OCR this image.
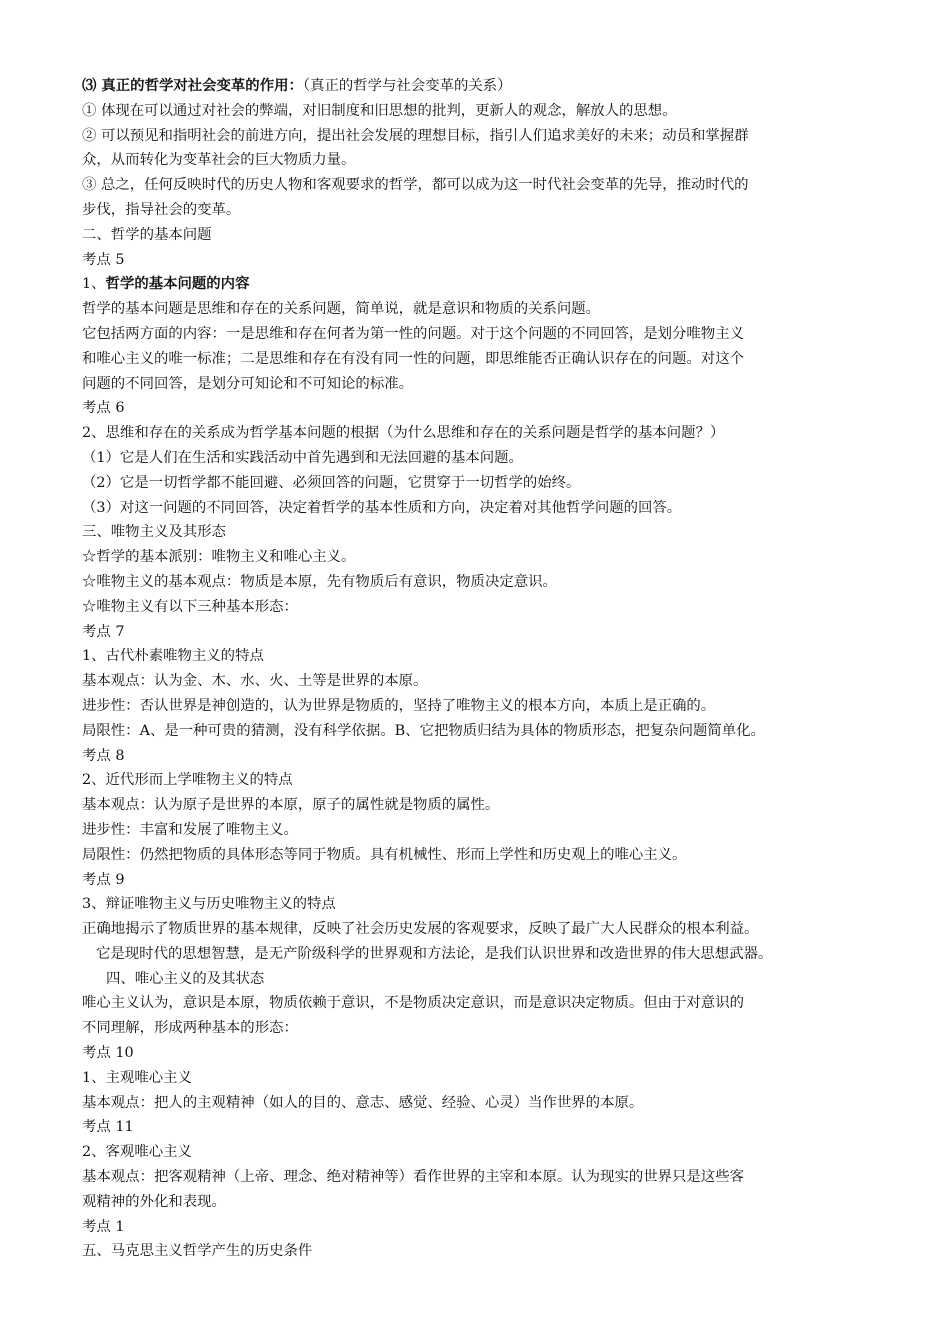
⑶ 真正的哲学对社会变革的作用：（真正的哲学与社会变革的关系）
① 体现在可以通过对社会的弊端，对旧制度和旧思想的批判，更新人的观念，解放人的思想。
② 可以预见和指明社会的前进方向，提出社会发展的理想目标，指引人们追求美好的未来；动员和掌握群
众，从而转化为变革社会的巨大物质力量。
③ 总之，任何反映时代的历史人物和客观要求的哲学，都可以成为这一时代社会变革的先导，推动时代的
步伐，指导社会的变革。
二、哲学的基本问题
考点 5
1、哲学的基本问题的内容
哲学的基本问题是思维和存在的关系问题，简单说，就是意识和物质的关系问题。
它包括两方面的内容：一是思维和存在何者为第一性的问题。对于这个问题的不同回答，是划分唯物主义
和唯心主义的唯一标准；二是思维和存在有没有同一性的问题，即思维能否正确认识存在的问题。对这个
问题的不同回答，是划分可知论和不可知论的标准。
考点 6
2、思维和存在的关系成为哲学基本问题的根据（为什么思维和存在的关系问题是哲学的基本问题？）
（1）它是人们在生活和实践活动中首先遇到和无法回避的基本问题。
（2）它是一切哲学都不能回避、必须回答的问题，它贯穿于一切哲学的始终。
（3）对这一问题的不同回答，决定着哲学的基本性质和方向，决定着对其他哲学问题的回答。
三、唯物主义及其形态
☆哲学的基本派别：唯物主义和唯心主义。
☆唯物主义的基本观点：物质是本原，先有物质后有意识，物质决定意识。
☆唯物主义有以下三种基本形态：
考点 7
1、古代朴素唯物主义的特点
基本观点：认为金、木、水、火、土等是世界的本原。
进步性：否认世界是神创造的，认为世界是物质的，坚持了唯物主义的根本方向，本质上是正确的。
局限性：A、是一种可贵的猜测，没有科学依据。B、它把物质归结为具体的物质形态，把复杂问题简单化。
考点 8
2、近代形而上学唯物主义的特点
基本观点：认为原子是世界的本原，原子的属性就是物质的属性。
进步性：丰富和发展了唯物主义。
局限性：仍然把物质的具体形态等同于物质。具有机械性、形而上学性和历史观上的唯心主义。
考点 9
3、辩证唯物主义与历史唯物主义的特点
正确地揭示了物质世界的基本规律，反映了社会历史发展的客观要求，反映了最广大人民群众的根本利益。
它是现时代的思想智慧，是无产阶级科学的世界观和方法论，是我们认识世界和改造世界的伟大思想武器。
四、唯心主义的及其状态
唯心主义认为，意识是本原，物质依赖于意识，不是物质决定意识，而是意识决定物质。但由于对意识的
不同理解，形成两种基本的形态：
考点 10
1、主观唯心主义
基本观点：把人的主观精神（如人的目的、意志、感觉、经验、心灵）当作世界的本原。
考点 11
2、客观唯心主义
基本观点：把客观精神（上帝、理念、绝对精神等）看作世界的主宰和本原。认为现实的世界只是这些客
观精神的外化和表现。
考点 1
五、马克思主义哲学产生的历史条件
